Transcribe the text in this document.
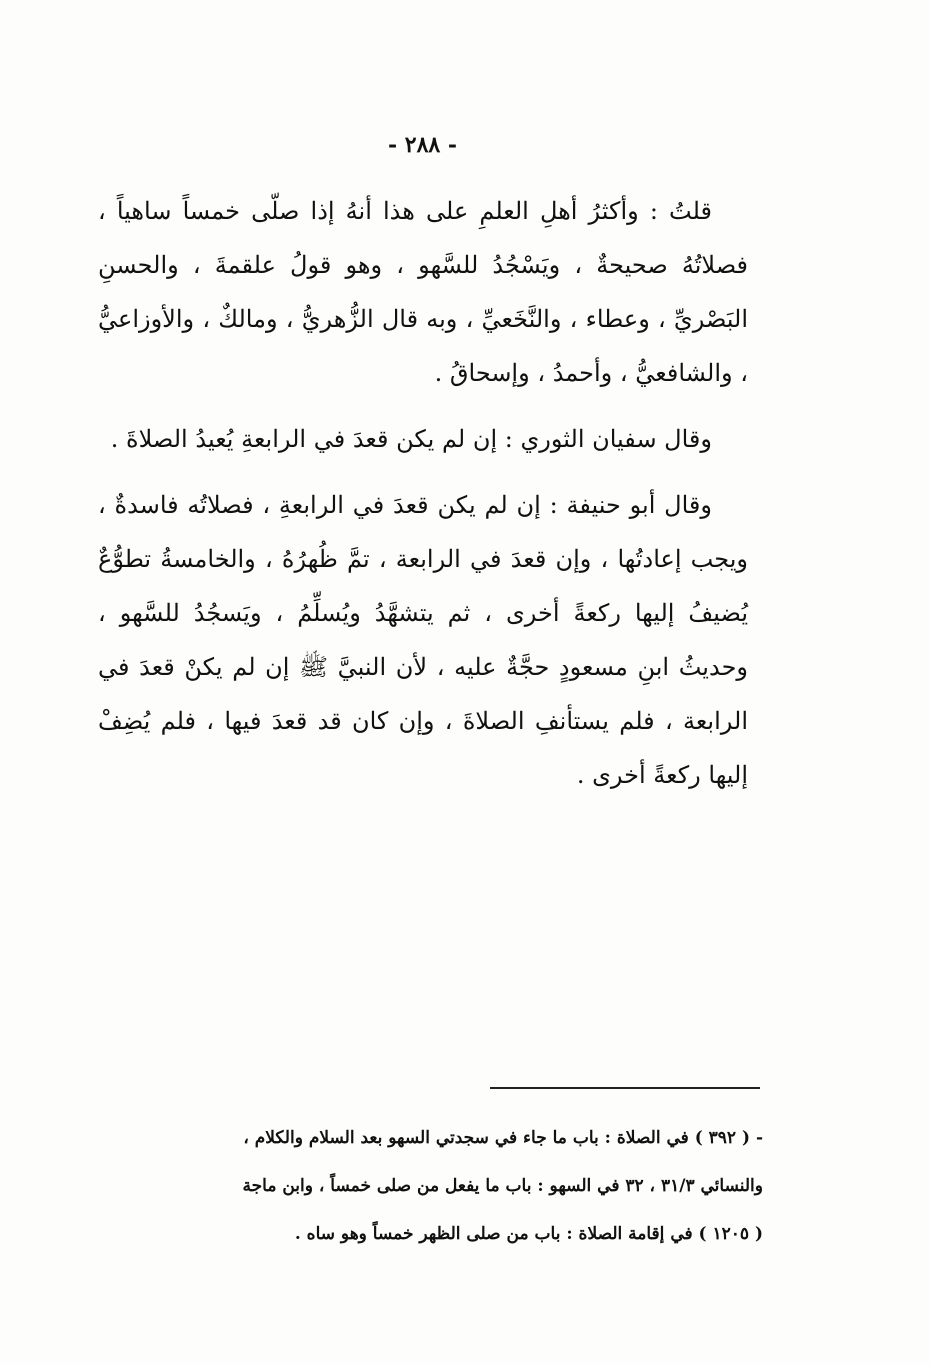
- ٢٨٨ -

قلتُ : وأكثرُ أهلِ العلمِ على هذا أنهُ إذا صلّى خمساً ساهياً ، فصلاتُهُ صحيحةٌ ، ويَسْجُدُ للسَّهو ، وهو قولُ علقمةَ ، والحسنِ البَصْريِّ ، وعطاء ، والنَّخَعيِّ ، وبه قال الزُّهريُّ ، ومالكٌ ، والأوزاعيُّ ، والشافعيُّ ، وأحمدُ ، وإسحاقُ .

وقال سفيان الثوري : إن لم يكن قعدَ في الرابعةِ يُعيدُ الصلاةَ .

وقال أبو حنيفة : إن لم يكن قعدَ في الرابعةِ ، فصلاتُه فاسدةٌ ، ويجب إعادتُها ، وإن قعدَ في الرابعة ، تمَّ ظُهرُهُ ، والخامسةُ تطوُّعٌ يُضيفُ إليها ركعةً أخرى ، ثم يتشهَّدُ ويُسلِّمُ ، ويَسجُدُ للسَّهو ، وحديثُ ابنِ مسعودٍ حجَّةٌ عليه ، لأن النبيَّ ﷺ إن لم يكنْ قعدَ في الرابعة ، فلم يستأنفِ الصلاةَ ، وإن كان قد قعدَ فيها ، فلم يُضِفْ إليها ركعةً أخرى .

- ( ٣٩٢ ) في الصلاة : باب ما جاء في سجدتي السهو بعد السلام والكلام ،

والنسائي ٣١/٣ ، ٣٢ في السهو : باب ما يفعل من صلى خمساً ، وابن ماجة

( ١٢٠٥ ) في إقامة الصلاة : باب من صلى الظهر خمساً وهو ساه .
